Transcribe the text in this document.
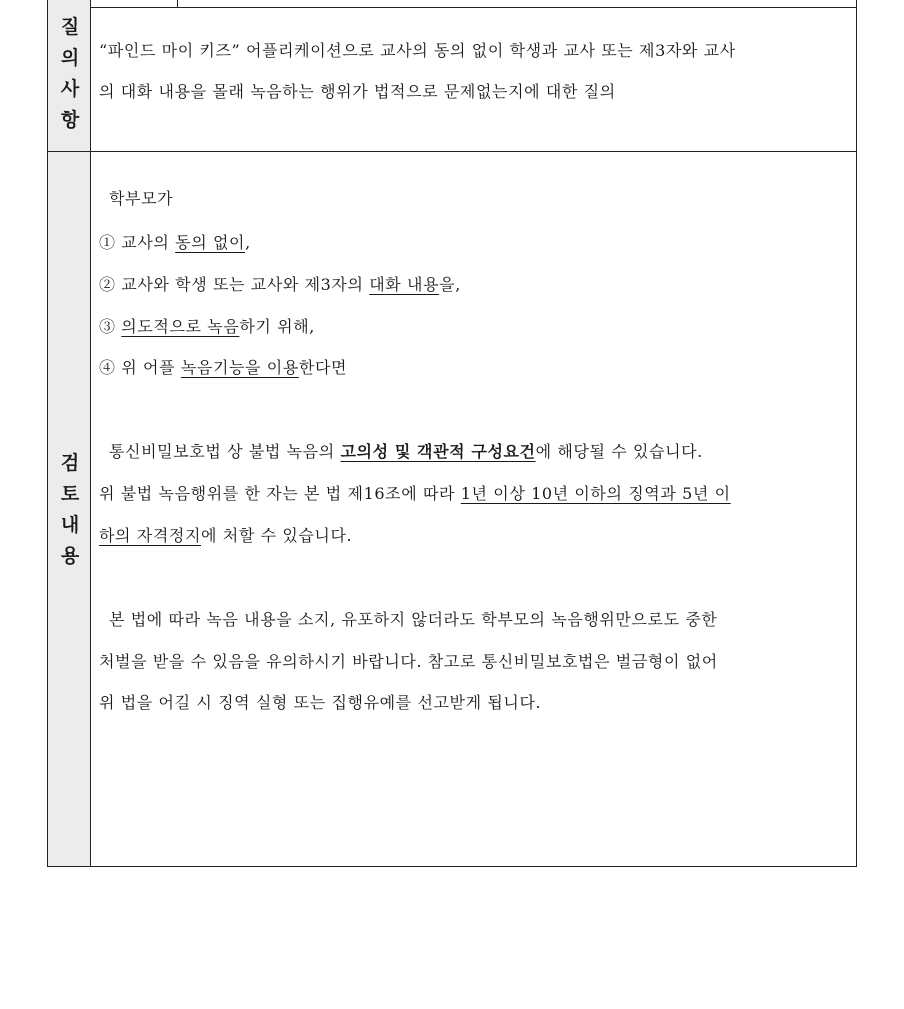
질
의
사
항
“파인드 마이 키즈” 어플리케이션으로 교사의 동의 없이 학생과 교사 또는 제3자와 교사
의 대화 내용을 몰래 녹음하는 행위가 법적으로 문제없는지에 대한 질의
검
토
내
용
학부모가
① 교사의 동의 없이,
② 교사와 학생 또는 교사와 제3자의 대화 내용을,
③ 의도적으로 녹음하기 위해,
④ 위 어플 녹음기능을 이용한다면
통신비밀보호법 상 불법 녹음의 고의성 및 객관적 구성요건에 해당될 수 있습니다.
위 불법 녹음행위를 한 자는 본 법 제16조에 따라 1년 이상 10년 이하의 징역과 5년 이
하의 자격정지에 처할 수 있습니다.
본 법에 따라 녹음 내용을 소지, 유포하지 않더라도 학부모의 녹음행위만으로도 중한
처벌을 받을 수 있음을 유의하시기 바랍니다. 참고로 통신비밀보호법은 벌금형이 없어
위 법을 어길 시 징역 실형 또는 집행유예를 선고받게 됩니다.
